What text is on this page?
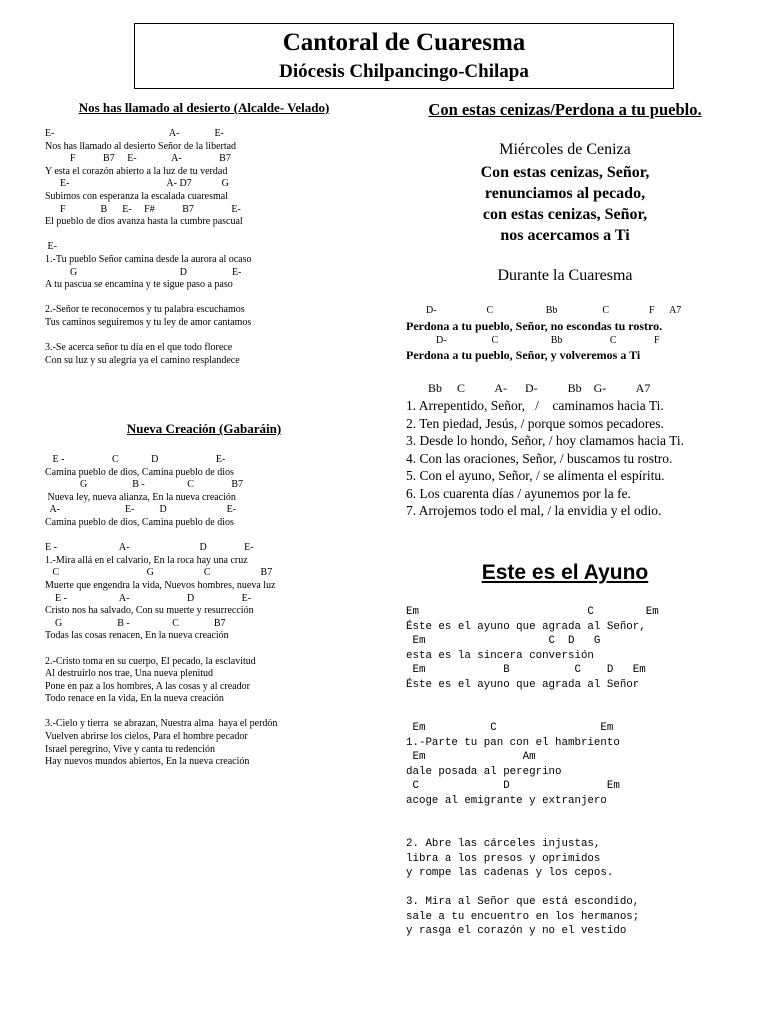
Cantoral de Cuaresma
Diócesis Chilpancingo-Chilapa
Nos has llamado al desierto (Alcalde- Velado)
E-                                              A-              E-
Nos has llamado al desierto Señor de la libertad
F           B7     E-              A-               B7
Y esta el corazón abierto a la luz de tu verdad
E-                                       A- D7            G
Subimos con esperanza la escalada cuaresmal
F              B      E-     F#           B7               E-
El pueblo de dios avanza hasta la cumbre pascual
E-
1.-Tu pueblo Señor camina desde la aurora al ocaso
G                                         D                  E-
A tu pascua se encamina y te sigue paso a paso
2.-Señor te reconocemos y tu palabra escuchamos
Tus caminos seguiremos y tu ley de amor cantamos
3.-Se acerca señor tu día en el que todo florece
Con su luz y su alegría ya el camino resplandece
Nueva Creación (Gabaráin)
E -                   C             D                       E-
Camina pueblo de dios, Camina pueblo de dios
G                  B -                 C               B7
Nueva ley, nueva alianza, En la nueva creación
A-                          E-          D                        E-
Camina pueblo de dios, Camina pueblo de dios
E -                         A-                            D               E-
1.-Mira allá en el calvario, En la roca hay una cruz
C                                   G                    C                    B7
Muerte que engendra la vida, Nuevos hombres, nueva luz
E -                     A-                       D                   E-
Cristo nos ha salvado, Con su muerte y resurrección
G                      B -                 C              B7
Todas las cosas renacen, En la nueva creación
2.-Cristo toma en su cuerpo, El pecado, la esclavitud
Al destruirlo nos trae, Una nueva plenitud
Pone en paz a los hombres, A las cosas y al creador
Todo renace en la vida, En la nueva creación
3.-Cielo y tierra  se abrazan, Nuestra alma  haya el perdón
Vuelven abrirse los cielos, Para el hombre pecador
Israel peregrino, Vive y canta tu redención
Hay nuevos mundos abiertos, En la nueva creación
Con estas cenizas/Perdona a tu pueblo.
Miércoles de Ceniza
Con estas cenizas, Señor,
renunciamos al pecado,
con estas cenizas, Señor,
nos acercamos a Ti
Durante la Cuaresma
D-                    C                     Bb                  C                F      A7
Perdona a tu pueblo, Señor, no escondas tu rostro.
D-                  C                     Bb                   C               F
Perdona a tu pueblo, Señor, y volveremos a Ti
Bb     C          A-      D-          Bb    G-          A7
1. Arrepentido, Señor,   /    caminamos hacia Ti.
2. Ten piedad, Jesús, / porque somos pecadores.
3. Desde lo hondo, Señor, / hoy clamamos hacia Ti.
4. Con las oraciones, Señor, / buscamos tu rostro.
5. Con el ayuno, Señor, / se alimenta el espíritu.
6. Los cuarenta días / ayunemos por la fe.
7. Arrojemos todo el mal, / la envidia y el odio.
Este es el Ayuno
Em                          C        Em
Éste es el ayuno que agrada al Señor,
Em                   C  D   G
esta es la sincera conversión
Em            B          C    D   Em
Éste es el ayuno que agrada al Señor
Em          C                Em
1.-Parte tu pan con el hambriento
Em               Am
dale posada al peregrino
C             D               Em
acoge al emigrante y extranjero
2. Abre las cárceles injustas,
libra a los presos y oprimidos
y rompe las cadenas y los cepos.
3. Mira al Señor que está escondido,
sale a tu encuentro en los hermanos;
y rasga el corazón y no el vestido
